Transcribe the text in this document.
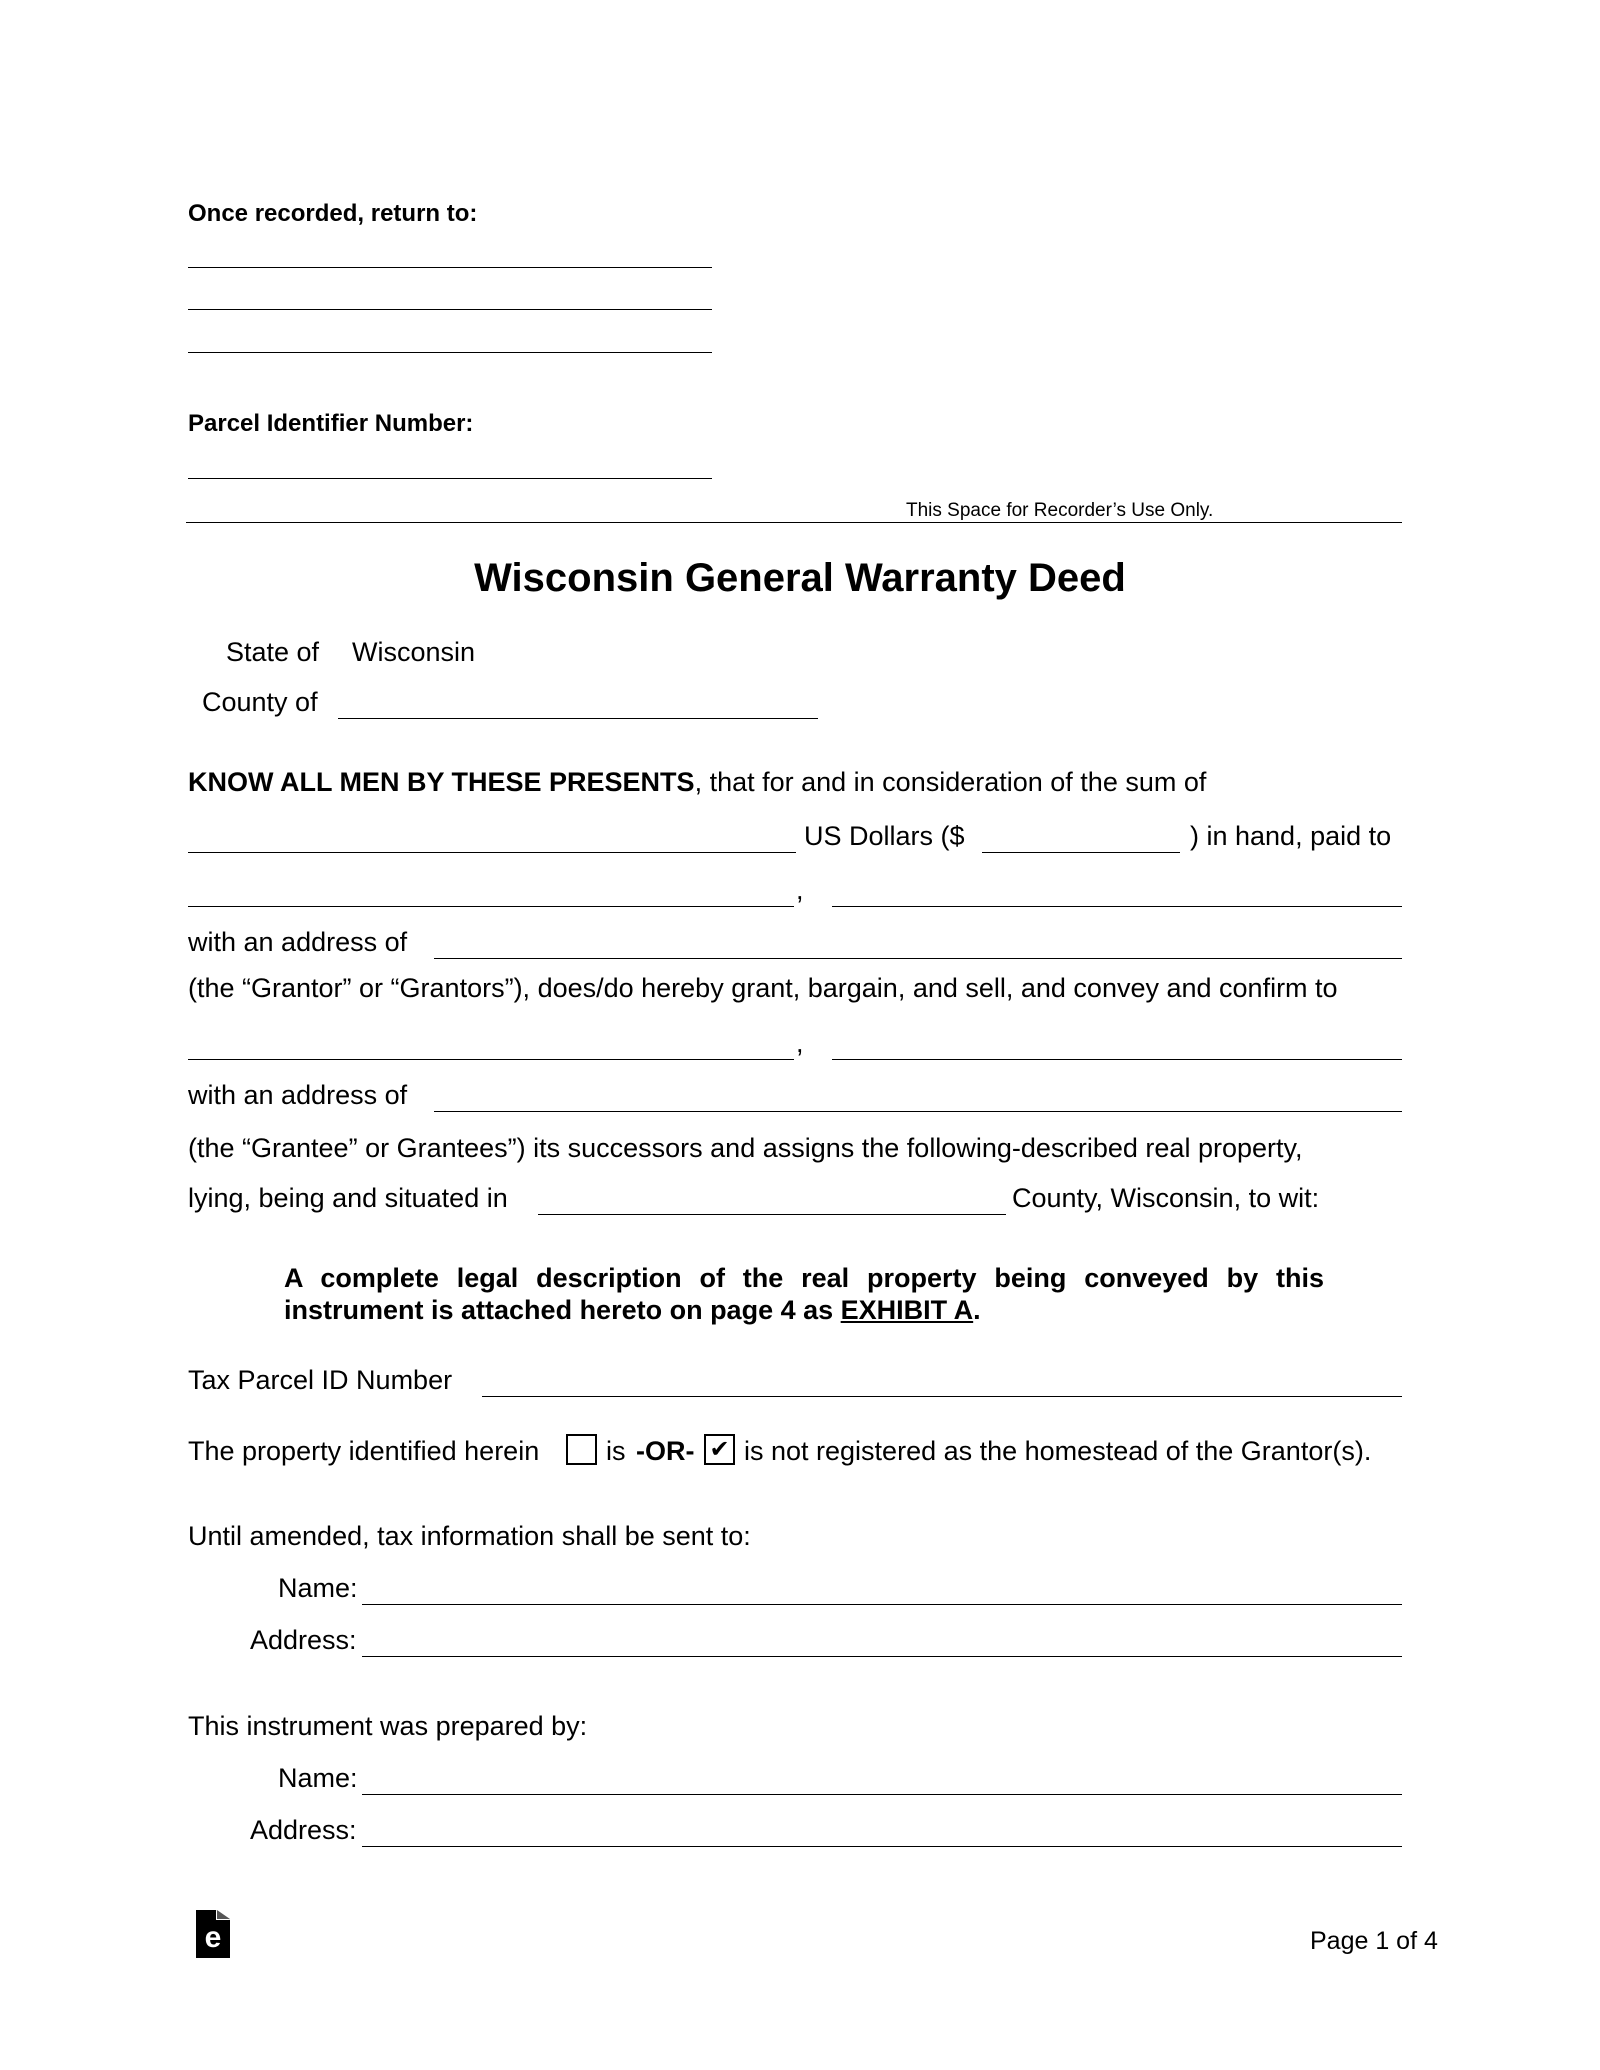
Once recorded, return to:
Parcel Identifier Number:
This Space for Recorder’s Use Only.
Wisconsin General Warranty Deed
State of Wisconsin
County of
KNOW ALL MEN BY THESE PRESENTS, that for and in consideration of the sum of
US Dollars ($	) in hand, paid to
,
with an address of
(the “Grantor” or “Grantors”), does/do hereby grant, bargain, and sell, and convey and confirm to
,
with an address of
(the “Grantee” or Grantees”) its successors and assigns the following-described real property,
lying, being and situated in	County, Wisconsin, to wit:
A complete legal description of the real property being conveyed by this instrument is attached hereto on page 4 as EXHIBIT A.
Tax Parcel ID Number
The property identified herein is -OR- ✔ is not registered as the homestead of the Grantor(s).
Until amended, tax information shall be sent to:
Name:
Address:
This instrument was prepared by:
Name:
Address:
e	Page 1 of 4
